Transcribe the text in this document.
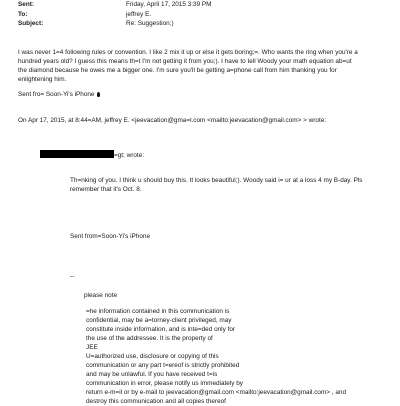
Sent:	Friday, April 17, 2015 3:39 PM
To:	jeffrey E.
Subject:	Re: Suggestion;)
I was never 1=4 following rules or convention. I like 2 mix it up or else it gets boring;=. Who wants the ring when you're a
hundred years old? I guess this means th=t I'm not getting it from you;). I have to tell Woody your math equation ab=ut
the diamond because he owes me a bigger one. I'm sure you'll be getting a=phone call from him thanking you for
enlightening him.
Sent fro= Soon-Yi's iPhone
On Apr 17, 2015, at 8:44=AM, jeffrey E. <jeevacation@gma=l.com <mailto:jeevacation@gmail.com> > wrote:
=gt; wrote:
Th=nking of you. I think u should buy this. It looks beautiful;). Woody said i= ur at a loss 4 my B-day. Pls
remember that it's Oct. 8.
Sent from=Soon-Yi's iPhone
--
please note
=he information contained in this communication is
confidential, may be a=torney-client privileged, may
constitute inside information, and is inte=ded only for
the use of the addressee. It is the property of
JEE
U=authorized use, disclosure or copying of this
communication or any part t=ereof is strictly prohibited
and may be unlawful. If you have received t=is
communication in error, please notify us immediately by
return e-m=il or by e-mail to jeevacation@gmail.com <mailto:jeevacation@gmail.com> , and
destroy this communication and all copies thereof
